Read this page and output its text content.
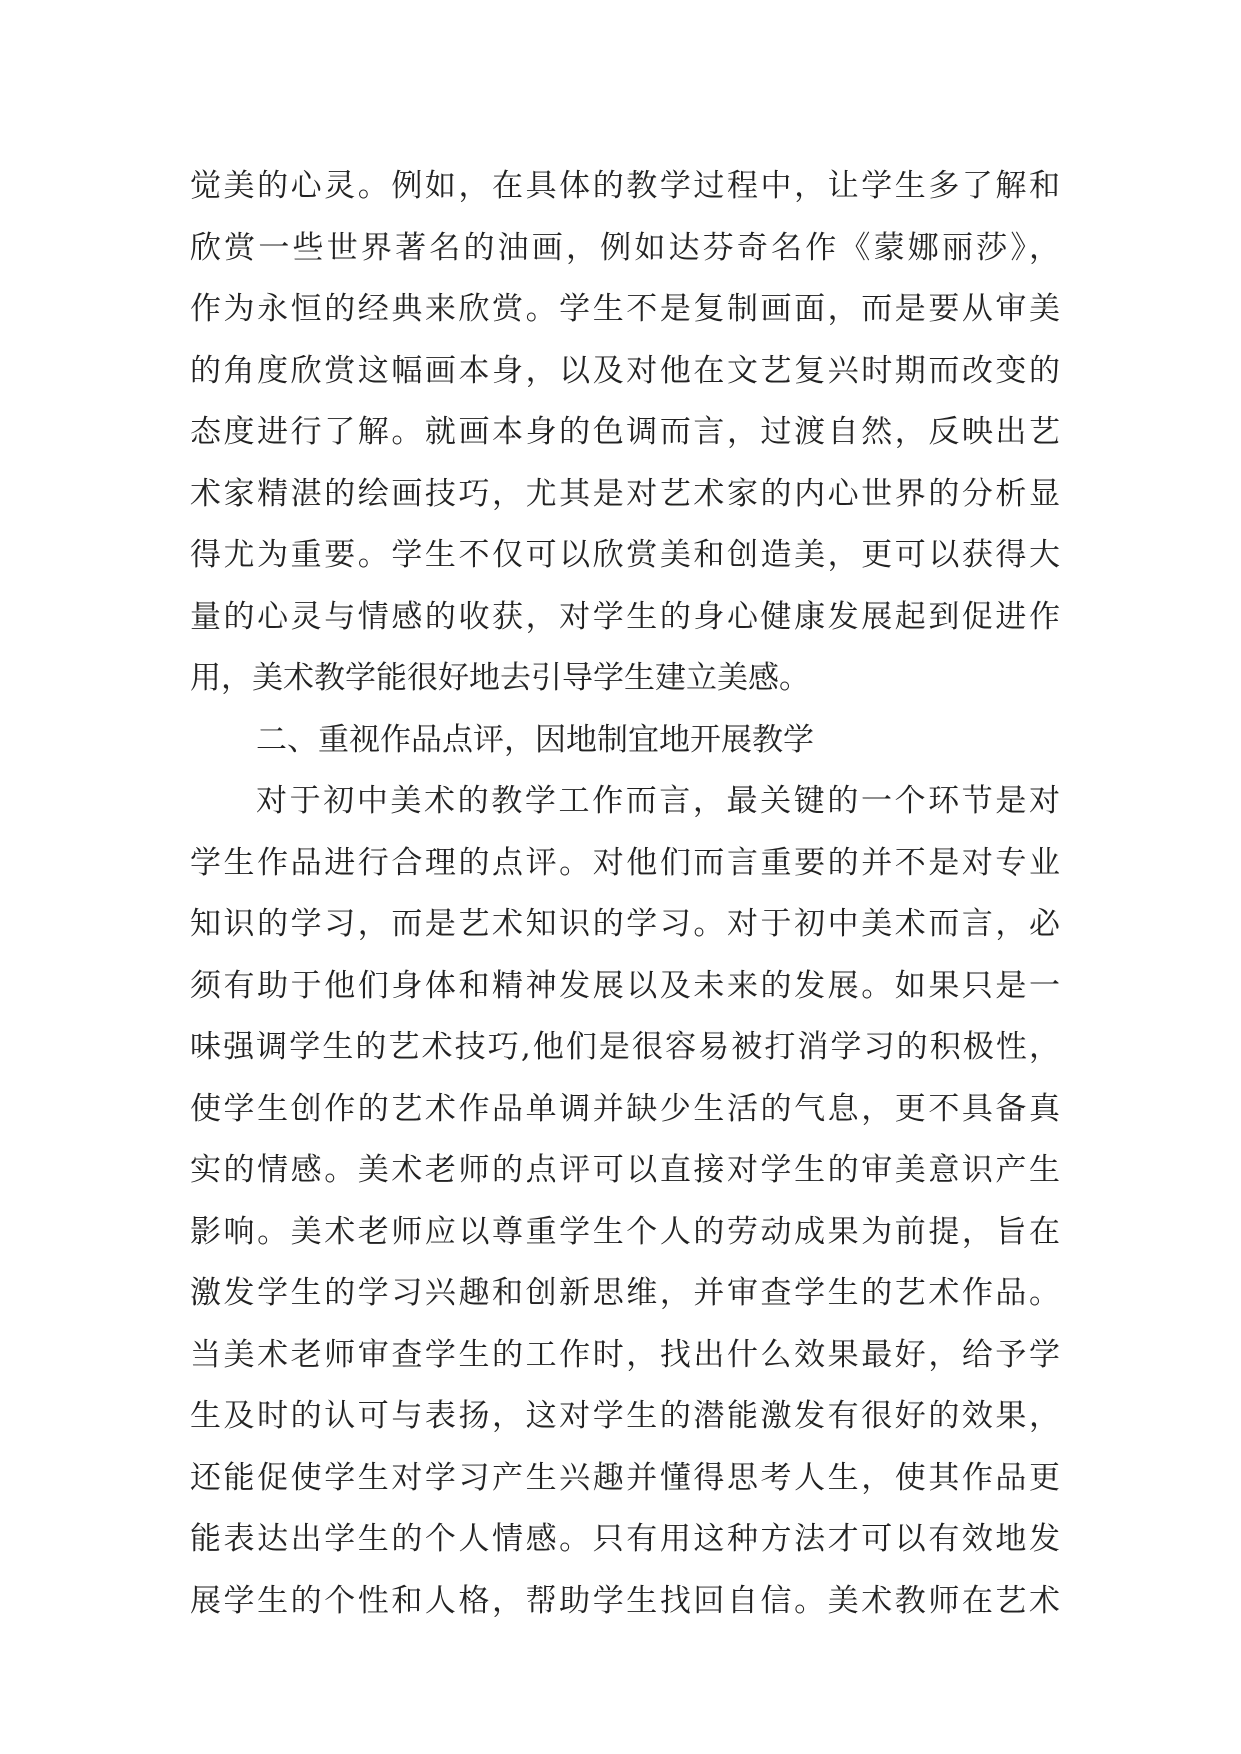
觉美的心灵。例如，在具体的教学过程中，让学生多了解和
欣赏一些世界著名的油画，例如达芬奇名作《蒙娜丽莎》，
作为永恒的经典来欣赏。学生不是复制画面，而是要从审美
的角度欣赏这幅画本身，以及对他在文艺复兴时期而改变的
态度进行了解。就画本身的色调而言，过渡自然，反映出艺
术家精湛的绘画技巧，尤其是对艺术家的内心世界的分析显
得尤为重要。学生不仅可以欣赏美和创造美，更可以获得大
量的心灵与情感的收获，对学生的身心健康发展起到促进作
用，美术教学能很好地去引导学生建立美感。
二、重视作品点评，因地制宜地开展教学
对于初中美术的教学工作而言，最关键的一个环节是对
学生作品进行合理的点评。对他们而言重要的并不是对专业
知识的学习，而是艺术知识的学习。对于初中美术而言，必
须有助于他们身体和精神发展以及未来的发展。如果只是一
味强调学生的艺术技巧,他们是很容易被打消学习的积极性，
使学生创作的艺术作品单调并缺少生活的气息，更不具备真
实的情感。美术老师的点评可以直接对学生的审美意识产生
影响。美术老师应以尊重学生个人的劳动成果为前提，旨在
激发学生的学习兴趣和创新思维，并审查学生的艺术作品。
当美术老师审查学生的工作时，找出什么效果最好，给予学
生及时的认可与表扬，这对学生的潜能激发有很好的效果，
还能促使学生对学习产生兴趣并懂得思考人生，使其作品更
能表达出学生的个人情感。只有用这种方法才可以有效地发
展学生的个性和人格，帮助学生找回自信。美术教师在艺术
